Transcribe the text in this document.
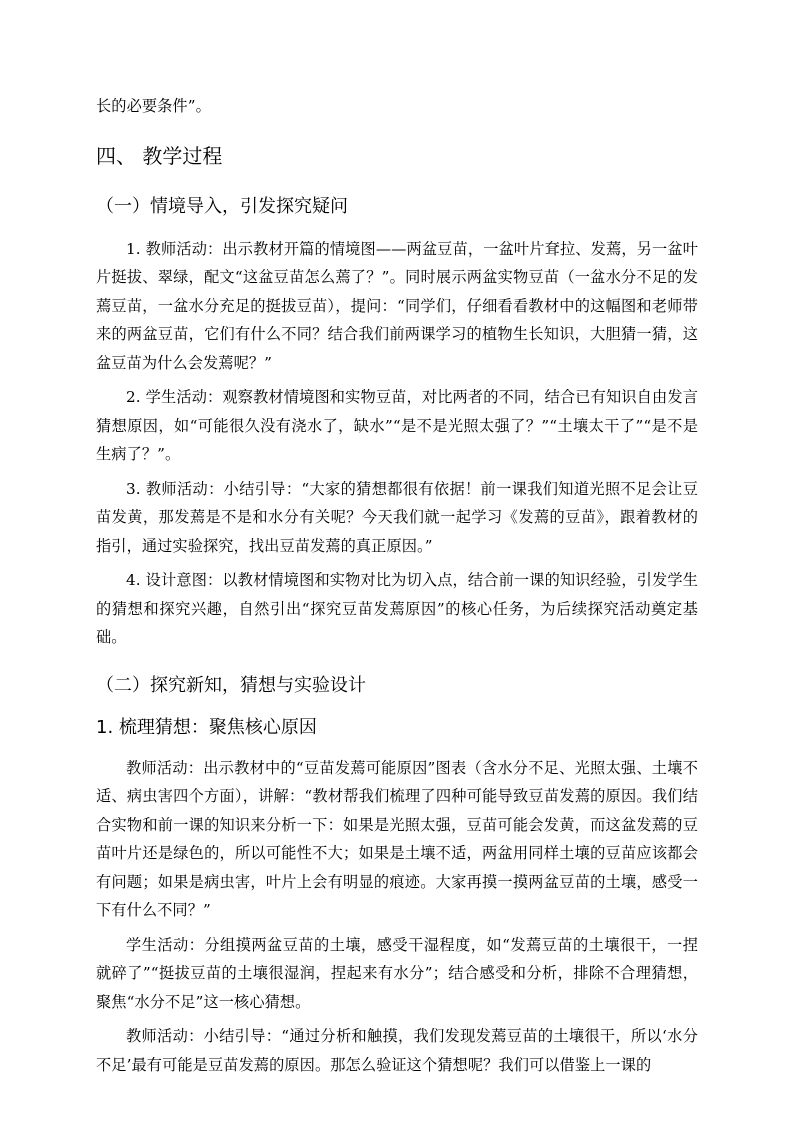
长的必要条件”。

四、 教学过程

（一）情境导入，引发探究疑问

1. 教师活动：出示教材开篇的情境图——两盆豆苗，一盆叶片耷拉、发蔫，另一盆叶片挺拔、翠绿，配文“这盆豆苗怎么蔫了？”。同时展示两盆实物豆苗（一盆水分不足的发蔫豆苗，一盆水分充足的挺拔豆苗），提问：“同学们，仔细看看教材中的这幅图和老师带来的两盆豆苗，它们有什么不同？结合我们前两课学习的植物生长知识，大胆猜一猜，这盆豆苗为什么会发蔫呢？”

2. 学生活动：观察教材情境图和实物豆苗，对比两者的不同，结合已有知识自由发言猜想原因，如“可能很久没有浇水了，缺水”“是不是光照太强了？”“土壤太干了”“是不是生病了？”。

3. 教师活动：小结引导：“大家的猜想都很有依据！前一课我们知道光照不足会让豆苗发黄，那发蔫是不是和水分有关呢？今天我们就一起学习《发蔫的豆苗》，跟着教材的指引，通过实验探究，找出豆苗发蔫的真正原因。”

4. 设计意图：以教材情境图和实物对比为切入点，结合前一课的知识经验，引发学生的猜想和探究兴趣，自然引出“探究豆苗发蔫原因”的核心任务，为后续探究活动奠定基础。

（二）探究新知，猜想与实验设计

1. 梳理猜想：聚焦核心原因

教师活动：出示教材中的“豆苗发蔫可能原因”图表（含水分不足、光照太强、土壤不适、病虫害四个方面），讲解：“教材帮我们梳理了四种可能导致豆苗发蔫的原因。我们结合实物和前一课的知识来分析一下：如果是光照太强，豆苗可能会发黄，而这盆发蔫的豆苗叶片还是绿色的，所以可能性不大；如果是土壤不适，两盆用同样土壤的豆苗应该都会有问题；如果是病虫害，叶片上会有明显的痕迹。大家再摸一摸两盆豆苗的土壤，感受一下有什么不同？”

学生活动：分组摸两盆豆苗的土壤，感受干湿程度，如“发蔫豆苗的土壤很干，一捏就碎了”“挺拔豆苗的土壤很湿润，捏起来有水分”；结合感受和分析，排除不合理猜想，聚焦“水分不足”这一核心猜想。

教师活动：小结引导：“通过分析和触摸，我们发现发蔫豆苗的土壤很干，所以‘水分不足’最有可能是豆苗发蔫的原因。那怎么验证这个猜想呢？我们可以借鉴上一课的
